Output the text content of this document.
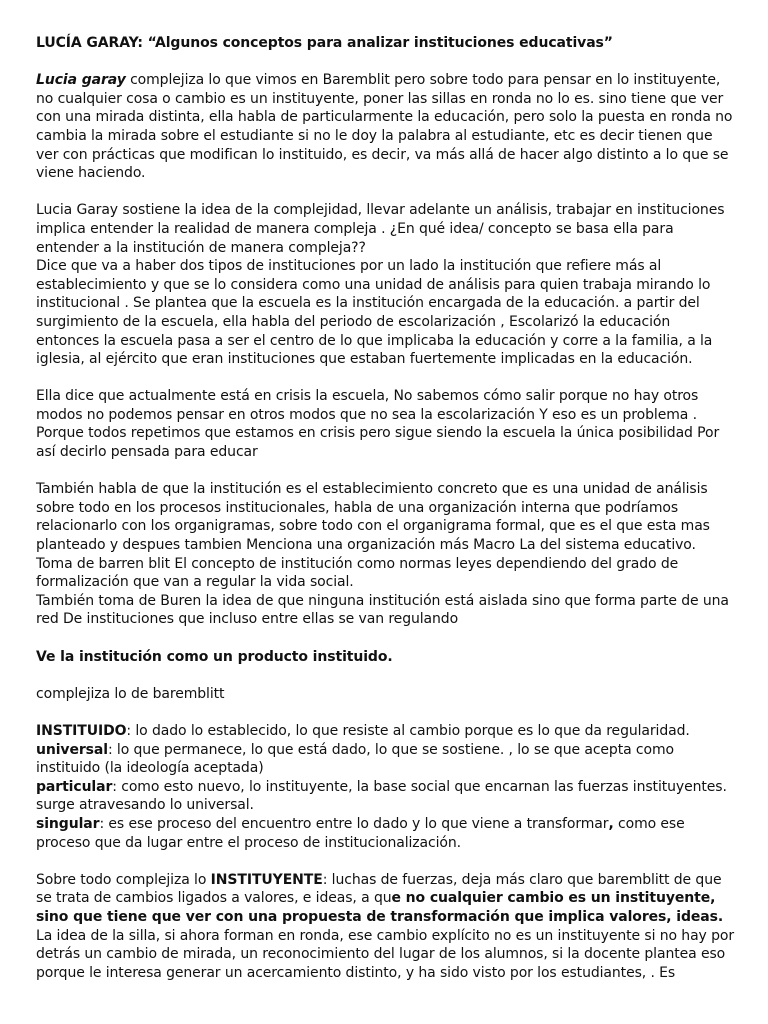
LUCÍA GARAY: “Algunos conceptos para analizar instituciones educativas”

Lucia garay complejiza lo que vimos en Baremblit pero sobre todo para pensar en lo instituyente, no cualquier cosa o cambio es un instituyente, poner las sillas en ronda no lo es. sino tiene que ver con una mirada distinta, ella habla de particularmente la educación, pero solo la puesta en ronda no cambia la mirada sobre el estudiante si no le doy la palabra al estudiante, etc es decir tienen que ver con prácticas que modifican lo instituido, es decir, va más allá de hacer algo distinto a lo que se viene haciendo.

Lucia Garay sostiene la idea de la complejidad, llevar adelante un análisis, trabajar en instituciones implica entender la realidad de manera compleja . ¿En qué idea/ concepto se basa ella para entender a la institución de manera compleja??

Dice que va a haber dos tipos de instituciones por un lado la institución que refiere más al establecimiento y que se lo considera como una unidad de análisis para quien trabaja mirando lo institucional . Se plantea que la escuela es la institución encargada de la educación. a partir del surgimiento de la escuela, ella habla del periodo de escolarización , Escolarizó la educación entonces la escuela pasa a ser el centro de lo que implicaba la educación y corre a la familia, a la iglesia, al ejército que eran instituciones que estaban fuertemente implicadas en la educación.

Ella dice que actualmente está en crisis la escuela, No sabemos cómo salir porque no hay otros modos no podemos pensar en otros modos que no sea la escolarización Y eso es un problema . Porque todos repetimos que estamos en crisis pero sigue siendo la escuela la única posibilidad Por así decirlo pensada para educar

También habla de que la institución es el establecimiento concreto que es una unidad de análisis sobre todo en los procesos institucionales, habla de una organización interna que podríamos relacionarlo con los organigramas, sobre todo con el organigrama formal, que es el que esta mas planteado y despues tambien Menciona una organización más Macro La del sistema educativo.

Toma de barren blit El concepto de institución como normas leyes dependiendo del grado de formalización que van a regular la vida social.

También toma de Buren la idea de que ninguna institución está aislada sino que forma parte de una red De instituciones que incluso entre ellas se van regulando

Ve la institución como un producto instituido.

complejiza lo de baremblitt

INSTITUIDO: lo dado lo establecido, lo que resiste al cambio porque es lo que da regularidad.

universal: lo que permanece, lo que está dado, lo que se sostiene. , lo se que acepta como instituido (la ideología aceptada)

particular: como esto nuevo, lo instituyente, la base social que encarnan las fuerzas instituyentes. surge atravesando lo universal.

singular: es ese proceso del encuentro entre lo dado y lo que viene a transformar, como ese proceso que da lugar entre el proceso de institucionalización.

Sobre todo complejiza lo INSTITUYENTE: luchas de fuerzas, deja más claro que baremblitt de que se trata de cambios ligados a valores, e ideas, a que no cualquier cambio es un instituyente, sino que tiene que ver con una propuesta de transformación que implica valores, ideas. La idea de la silla, si ahora forman en ronda, ese cambio explícito no es un instituyente si no hay por detrás un cambio de mirada, un reconocimiento del lugar de los alumnos, si la docente plantea eso porque le interesa generar un acercamiento distinto, y ha sido visto por los estudiantes, . Es
